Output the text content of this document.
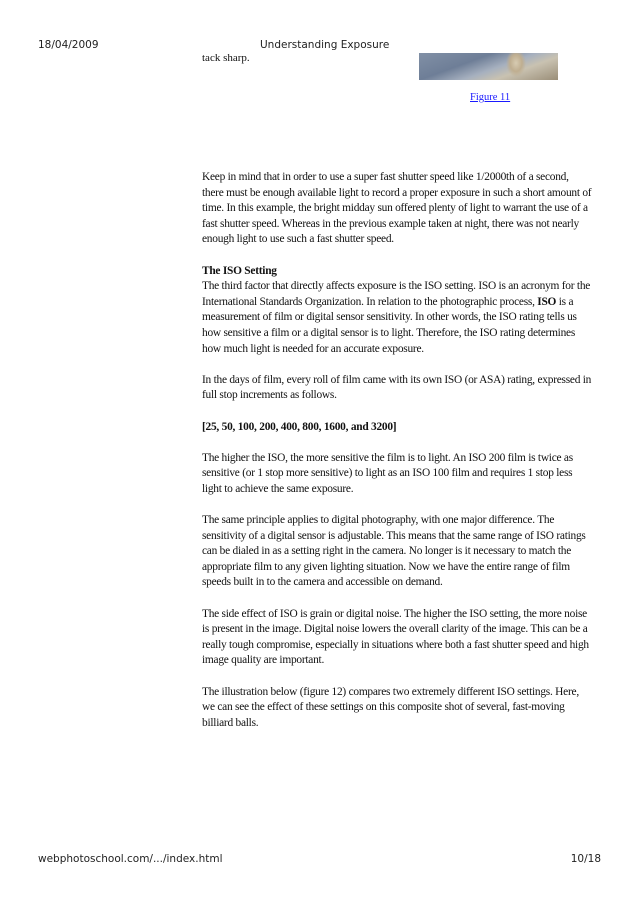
18/04/2009	Understanding Exposure
tack sharp.
Figure 11

Keep in mind that in order to use a super fast shutter speed like 1/2000th of a second, there must be enough available light to record a proper exposure in such a short amount of time. In this example, the bright midday sun offered plenty of light to warrant the use of a fast shutter speed. Whereas in the previous example taken at night, there was not nearly enough light to use such a fast shutter speed.

The ISO Setting
The third factor that directly affects exposure is the ISO setting. ISO is an acronym for the International Standards Organization. In relation to the photographic process, ISO is a measurement of film or digital sensor sensitivity. In other words, the ISO rating tells us how sensitive a film or a digital sensor is to light. Therefore, the ISO rating determines how much light is needed for an accurate exposure.

In the days of film, every roll of film came with its own ISO (or ASA) rating, expressed in full stop increments as follows.

[25, 50, 100, 200, 400, 800, 1600, and 3200]

The higher the ISO, the more sensitive the film is to light. An ISO 200 film is twice as sensitive (or 1 stop more sensitive) to light as an ISO 100 film and requires 1 stop less light to achieve the same exposure.

The same principle applies to digital photography, with one major difference. The sensitivity of a digital sensor is adjustable. This means that the same range of ISO ratings can be dialed in as a setting right in the camera. No longer is it necessary to match the appropriate film to any given lighting situation. Now we have the entire range of film speeds built in to the camera and accessible on demand.

The side effect of ISO is grain or digital noise. The higher the ISO setting, the more noise is present in the image. Digital noise lowers the overall clarity of the image. This can be a really tough compromise, especially in situations where both a fast shutter speed and high image quality are important.

The illustration below (figure 12) compares two extremely different ISO settings. Here, we can see the effect of these settings on this composite shot of several, fast-moving billiard balls.

webphotoschool.com/.../index.html	10/18
